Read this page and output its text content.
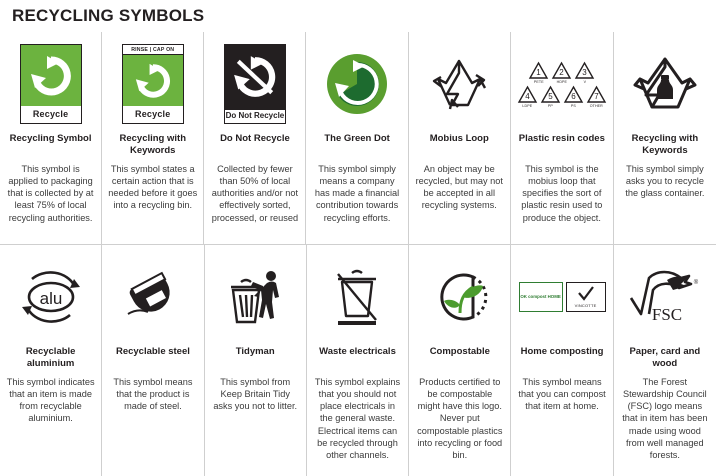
RECYCLING SYMBOLS
Recycle
Recycling Symbol
This symbol is applied to packaging that is collected by at least 75% of local recycling authorities.
RINSE | CAP ON
Recycle
Recycling with Keywords
This symbol states a certain action that is needed before it goes into a recycling bin.
Do Not Recycle
Do Not Recycle
Collected by fewer than 50% of local authorities and/or not effectively sorted, processed, or reused
The Green Dot
This symbol simply means a company has made a financial contribution towards recycling efforts.
Mobius Loop
An object may be recycled, but may not be accepted in all recycling systems.
1
PETE
2
HDPE
3
V
4
LDPE
5
PP
6
PS
7
OTHER
Plastic resin codes
This symbol is the mobius loop that specifies the sort of plastic resin used to produce the object.
Recycling with Keywords
This symbol simply asks you to recycle the glass container.
alu
Recyclable aluminium
This symbol indicates that an item is made from recyclable aluminium.
Recyclable steel
This symbol means that the product is made of steel.
Tidyman
This symbol from Keep Britain Tidy asks you not to litter.
Waste electricals
This symbol explains that you should not place electricals in the general waste. Electrical items can be recycled through other channels.
Compostable
Products certified to be compostable might have this logo. Never put compostable plastics into recycling or food bin.
OK compost HOME
VINCOTTE
Home composting
This symbol means that you can compost that item at home.
FSC
®
Paper, card and wood
The Forest Stewardship Council (FSC) logo means that in item has been made using wood from well managed forests.
